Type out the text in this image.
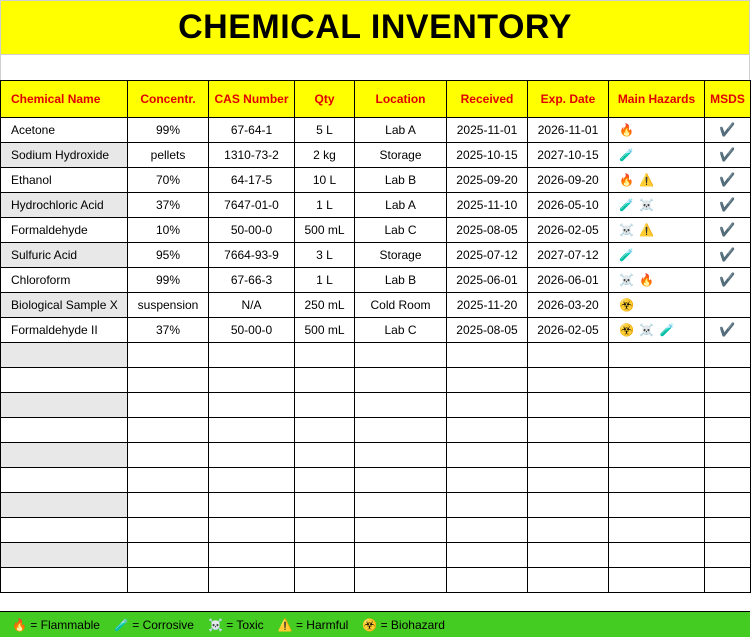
CHEMICAL INVENTORY
Chemical Name	Concentr.	CAS Number	Qty	Location	Received	Exp. Date	Main Hazards	MSDS
Acetone	99%	67-64-1	5 L	Lab A	2025-11-01	2026-11-01	🔥	✔️
Sodium Hydroxide	pellets	1310-73-2	2 kg	Storage	2025-10-15	2027-10-15	🧪	✔️
Ethanol	70%	64-17-5	10 L	Lab B	2025-09-20	2026-09-20	🔥 ⚠️	✔️
Hydrochloric Acid	37%	7647-01-0	1 L	Lab A	2025-11-10	2026-05-10	🧪 ☠️	✔️
Formaldehyde	10%	50-00-0	500 mL	Lab C	2025-08-05	2026-02-05	☠️ ⚠️	✔️
Sulfuric Acid	95%	7664-93-9	3 L	Storage	2025-07-12	2027-07-12	🧪	✔️
Chloroform	99%	67-66-3	1 L	Lab B	2025-06-01	2026-06-01	☠️ 🔥	✔️
Biological Sample X	suspension	N/A	250 mL	Cold Room	2025-11-20	2026-03-20	☣️	
Formaldehyde II	37%	50-00-0	500 mL	Lab C	2025-08-05	2026-02-05	☣️ ☠️ 🧪	✔️

🔥 = Flammable 🧪 = Corrosive ☠️ = Toxic ⚠️ = Harmful ☣️ = Biohazard
